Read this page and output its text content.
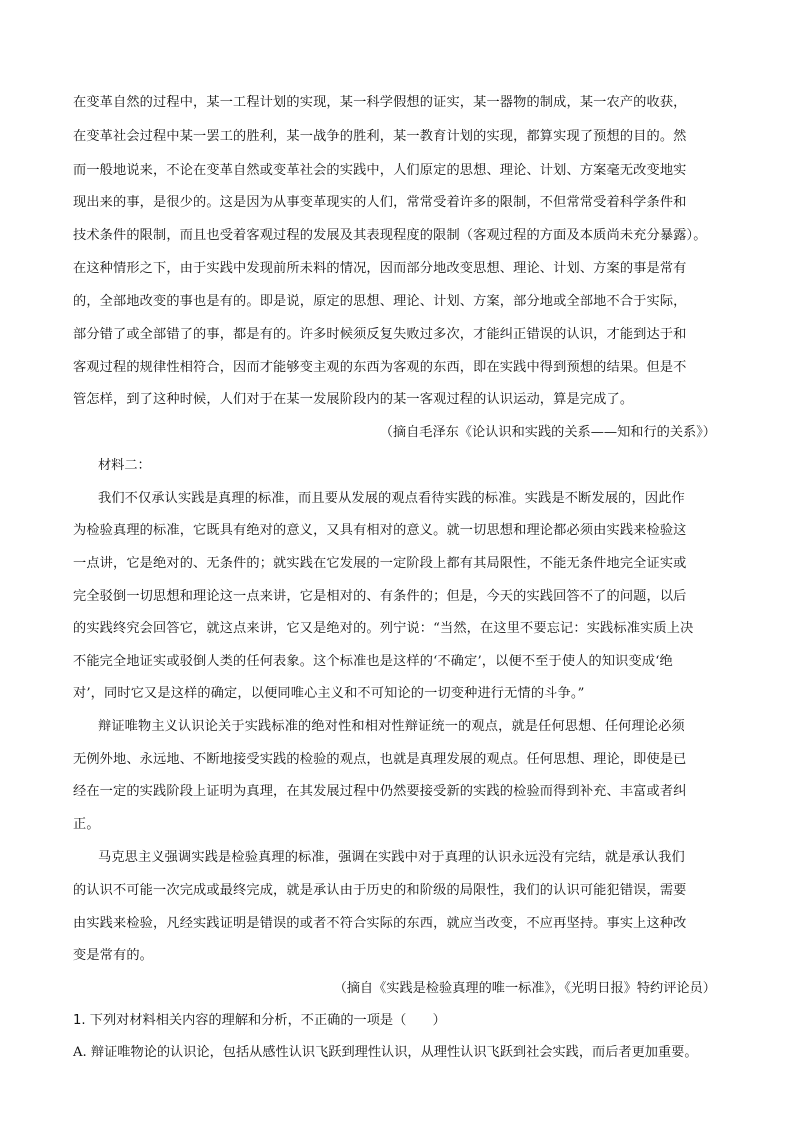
在变革自然的过程中，某一工程计划的实现，某一科学假想的证实，某一器物的制成，某一农产的收获，
在变革社会过程中某一罢工的胜利，某一战争的胜利，某一教育计划的实现，都算实现了预想的目的。然
而一般地说来，不论在变革自然或变革社会的实践中，人们原定的思想、理论、计划、方案毫无改变地实
现出来的事，是很少的。这是因为从事变革现实的人们，常常受着许多的限制，不但常常受着科学条件和
技术条件的限制，而且也受着客观过程的发展及其表现程度的限制（客观过程的方面及本质尚未充分暴露）。
在这种情形之下，由于实践中发现前所未料的情况，因而部分地改变思想、理论、计划、方案的事是常有
的，全部地改变的事也是有的。即是说，原定的思想、理论、计划、方案，部分地或全部地不合于实际，
部分错了或全部错了的事，都是有的。许多时候须反复失败过多次，才能纠正错误的认识，才能到达于和
客观过程的规律性相符合，因而才能够变主观的东西为客观的东西，即在实践中得到预想的结果。但是不
管怎样，到了这种时候，人们对于在某一发展阶段内的某一客观过程的认识运动，算是完成了。
（摘自毛泽东《论认识和实践的关系——知和行的关系》）
材料二：
我们不仅承认实践是真理的标准，而且要从发展的观点看待实践的标准。实践是不断发展的，因此作
为检验真理的标准，它既具有绝对的意义，又具有相对的意义。就一切思想和理论都必须由实践来检验这
一点讲，它是绝对的、无条件的；就实践在它发展的一定阶段上都有其局限性，不能无条件地完全证实或
完全驳倒一切思想和理论这一点来讲，它是相对的、有条件的；但是，今天的实践回答不了的问题，以后
的实践终究会回答它，就这点来讲，它又是绝对的。列宁说：“当然，在这里不要忘记：实践标准实质上决
不能完全地证实或驳倒人类的任何表象。这个标准也是这样的‘不确定’，以便不至于使人的知识变成‘绝
对’，同时它又是这样的确定，以便同唯心主义和不可知论的一切变种进行无情的斗争。”
辩证唯物主义认识论关于实践标准的绝对性和相对性辩证统一的观点，就是任何思想、任何理论必须
无例外地、永远地、不断地接受实践的检验的观点，也就是真理发展的观点。任何思想、理论，即使是已
经在一定的实践阶段上证明为真理，在其发展过程中仍然要接受新的实践的检验而得到补充、丰富或者纠
正。
马克思主义强调实践是检验真理的标准，强调在实践中对于真理的认识永远没有完结，就是承认我们
的认识不可能一次完成或最终完成，就是承认由于历史的和阶级的局限性，我们的认识可能犯错误，需要
由实践来检验，凡经实践证明是错误的或者不符合实际的东西，就应当改变，不应再坚持。事实上这种改
变是常有的。
（摘自《实践是检验真理的唯一标准》，《光明日报》特约评论员）
1. 下列对材料相关内容的理解和分析，不正确的一项是（　　）
A. 辩证唯物论的认识论，包括从感性认识飞跃到理性认识，从理性认识飞跃到社会实践，而后者更加重要。
